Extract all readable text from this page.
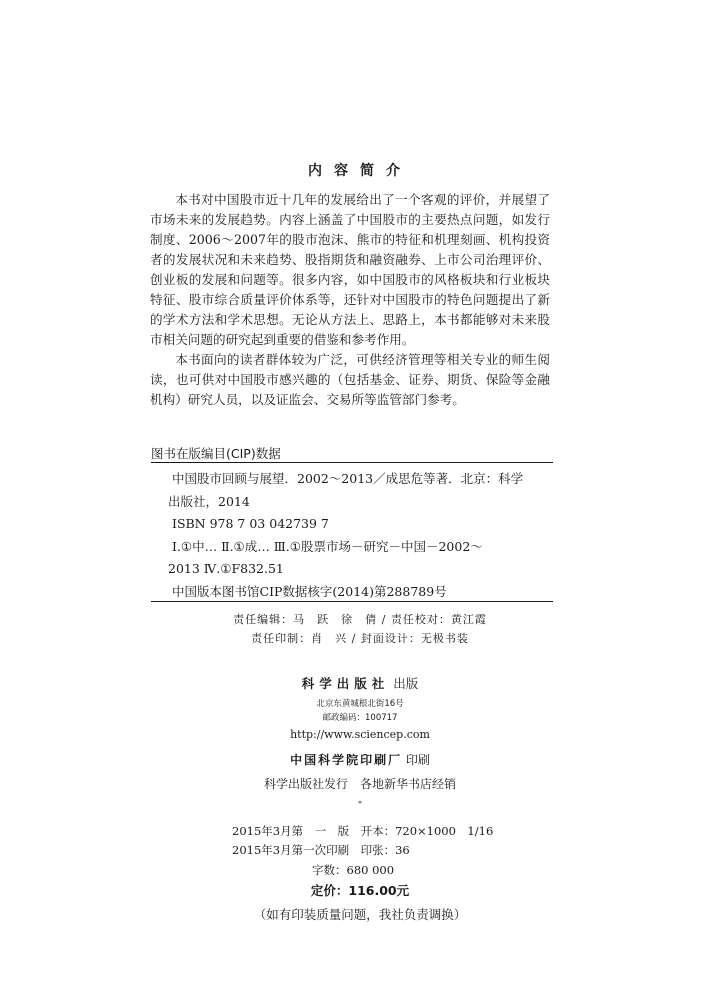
内容简介

本书对中国股市近十几年的发展给出了一个客观的评价，并展望了市场未来的发展趋势。内容上涵盖了中国股市的主要热点问题，如发行制度、2006～2007年的股市泡沫、熊市的特征和机理刻画、机构投资者的发展状况和未来趋势、股指期货和融资融券、上市公司治理评价、创业板的发展和问题等。很多内容，如中国股市的风格板块和行业板块特征、股市综合质量评价体系等，还针对中国股市的特色问题提出了新的学术方法和学术思想。无论从方法上、思路上，本书都能够对未来股市相关问题的研究起到重要的借鉴和参考作用。

本书面向的读者群体较为广泛，可供经济管理等相关专业的师生阅读，也可供对中国股市感兴趣的（包括基金、证券、期货、保险等金融机构）研究人员，以及证监会、交易所等监管部门参考。

图书在版编目(CIP)数据
中国股市回顾与展望．2002～2013／成思危等著．北京：科学
出版社，2014
ISBN 978 7 03 042739 7
Ⅰ.①中… Ⅱ.①成… Ⅲ.①股票市场－研究－中国－2002～
2013 Ⅳ.①F832.51
中国版本图书馆CIP数据核字(2014)第288789号
责任编辑：马　跃　徐　倩 / 责任校对：黄江霞
责任印制：肖　兴 / 封面设计：无极书装
科学出版社 出版
北京东黄城根北街16号
邮政编码：100717
http://www.sciencep.com
中国科学院印刷厂 印刷
科学出版社发行　各地新华书店经销
*
2015年3月第　一　版　开本：720×1000　1/16
2015年3月第一次印刷　印张：36
字数：680 000
定价：116.00元
（如有印装质量问题，我社负责调换）
